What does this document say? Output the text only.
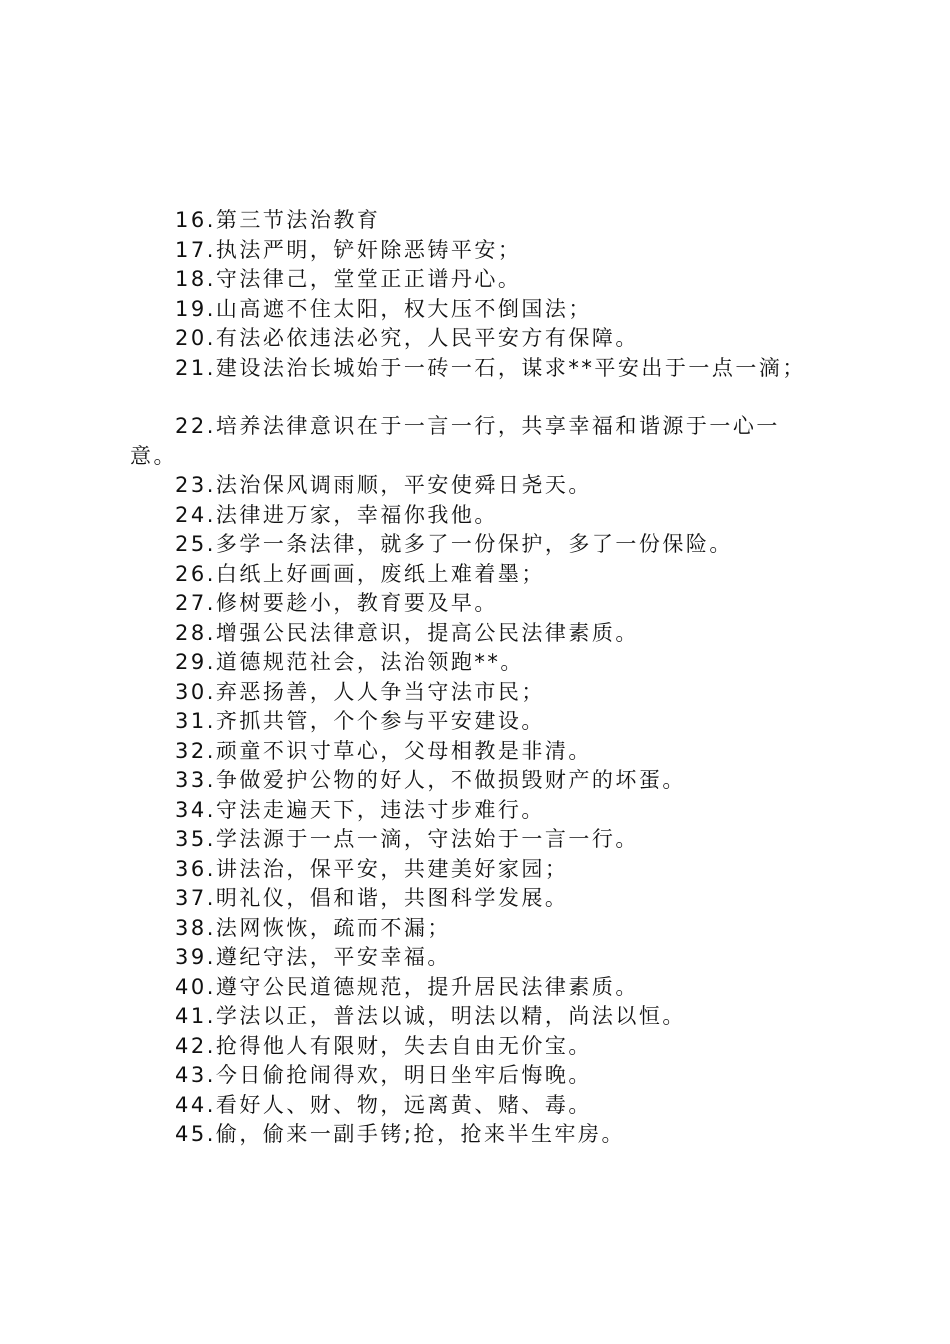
16.第三节法治教育
17.执法严明，铲奸除恶铸平安；
18.守法律己，堂堂正正谱丹心。
19.山高遮不住太阳，权大压不倒国法；
20.有法必依违法必究，人民平安方有保障。
21.建设法治长城始于一砖一石，谋求**平安出于一点一滴；
22.培养法律意识在于一言一行，共享幸福和谐源于一心一
意。
23.法治保风调雨顺，平安使舜日尧天。
24.法律进万家，幸福你我他。
25.多学一条法律，就多了一份保护，多了一份保险。
26.白纸上好画画，废纸上难着墨；
27.修树要趁小，教育要及早。
28.增强公民法律意识，提高公民法律素质。
29.道德规范社会，法治领跑**。
30.弃恶扬善，人人争当守法市民；
31.齐抓共管，个个参与平安建设。
32.顽童不识寸草心，父母相教是非清。
33.争做爱护公物的好人，不做损毁财产的坏蛋。
34.守法走遍天下，违法寸步难行。
35.学法源于一点一滴，守法始于一言一行。
36.讲法治，保平安，共建美好家园；
37.明礼仪，倡和谐，共图科学发展。
38.法网恢恢，疏而不漏；
39.遵纪守法，平安幸福。
40.遵守公民道德规范，提升居民法律素质。
41.学法以正，普法以诚，明法以精，尚法以恒。
42.抢得他人有限财，失去自由无价宝。
43.今日偷抢闹得欢，明日坐牢后悔晚。
44.看好人、财、物，远离黄、赌、毒。
45.偷，偷来一副手铐;抢，抢来半生牢房。
